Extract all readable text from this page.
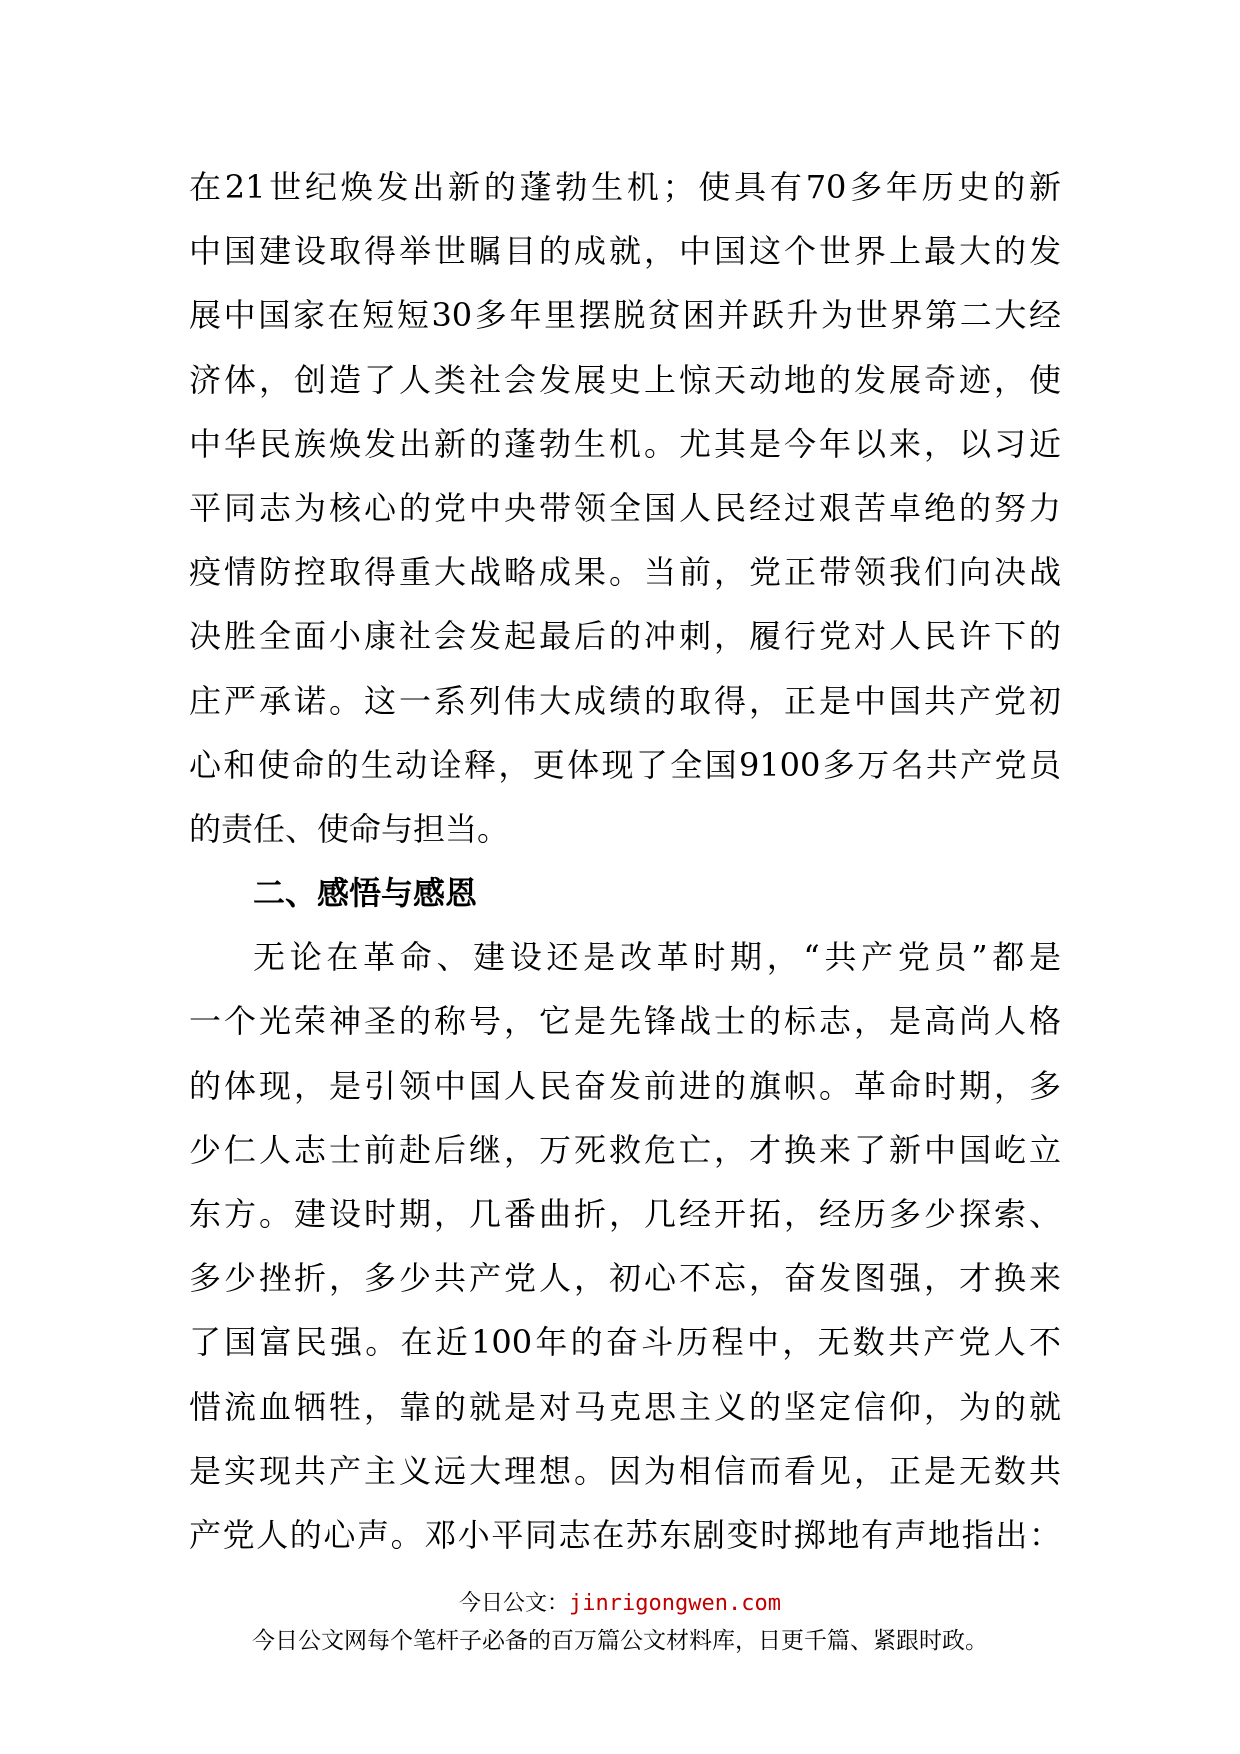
在21世纪焕发出新的蓬勃生机；使具有70多年历史的新
中国建设取得举世瞩目的成就，中国这个世界上最大的发
展中国家在短短30多年里摆脱贫困并跃升为世界第二大经
济体，创造了人类社会发展史上惊天动地的发展奇迹，使
中华民族焕发出新的蓬勃生机。尤其是今年以来，以习近
平同志为核心的党中央带领全国人民经过艰苦卓绝的努力
疫情防控取得重大战略成果。当前，党正带领我们向决战
决胜全面小康社会发起最后的冲刺，履行党对人民许下的
庄严承诺。这一系列伟大成绩的取得，正是中国共产党初
心和使命的生动诠释，更体现了全国9100多万名共产党员
的责任、使命与担当。
二、感悟与感恩
无论在革命、建设还是改革时期，“共产党员”都是
一个光荣神圣的称号，它是先锋战士的标志，是高尚人格
的体现，是引领中国人民奋发前进的旗帜。革命时期，多
少仁人志士前赴后继，万死救危亡，才换来了新中国屹立
东方。建设时期，几番曲折，几经开拓，经历多少探索、
多少挫折，多少共产党人，初心不忘，奋发图强，才换来
了国富民强。在近100年的奋斗历程中，无数共产党人不
惜流血牺牲，靠的就是对马克思主义的坚定信仰，为的就
是实现共产主义远大理想。因为相信而看见，正是无数共
产党人的心声。邓小平同志在苏东剧变时掷地有声地指出：
今日公文：jinrigongwen.com
今日公文网每个笔杆子必备的百万篇公文材料库，日更千篇、紧跟时政。
